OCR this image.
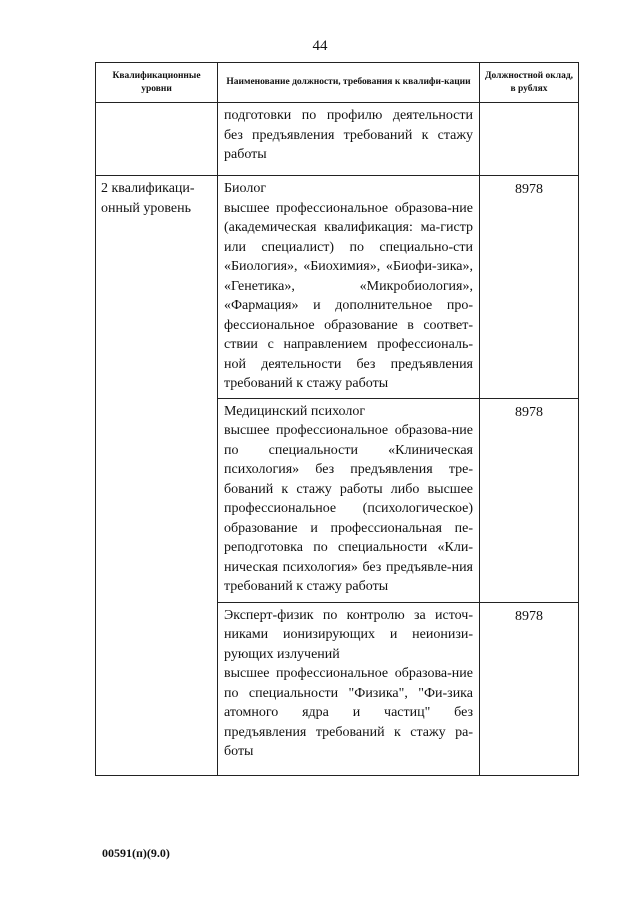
44
Квалификационные уровни	Наименование должности, требования к квалифи-кации	Должностной оклад, в рублях

	подготовки по профилю деятельности без предъявления требований к стажу работы	

2 квалификаци-онный уровень	Биолог
высшее профессиональное образова-ние (академическая квалификация: ма-гистр или специалист) по специально-сти «Биология», «Биохимия», «Биофи-зика», «Генетика», «Микробиология», «Фармация» и дополнительное про-фессиональное образование в соответ-ствии с направлением профессиональ-ной деятельности без предъявления требований к стажу работы	8978

	Медицинский психолог
высшее профессиональное образова-ние по специальности «Клиническая психология» без предъявления тре-бований к стажу работы либо высшее профессиональное (психологическое) образование и профессиональная пе-реподготовка по специальности «Кли-ническая психология» без предъявле-ния требований к стажу работы	8978

	Эксперт-физик по контролю за источ-никами ионизирующих и неионизи-рующих излучений
высшее профессиональное образова-ние по специальности "Физика", "Фи-зика атомного ядра и частиц" без предъявления требований к стажу ра-боты	8978
00591(п)(9.0)
